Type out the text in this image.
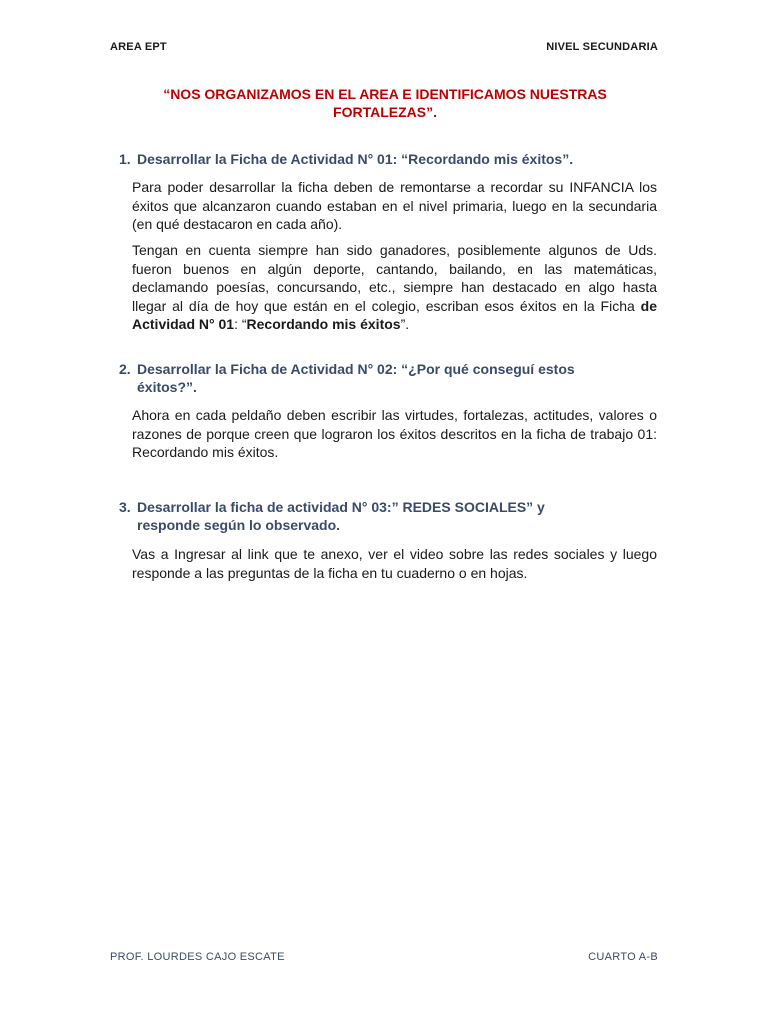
AREA EPT	NIVEL SECUNDARIA
“NOS ORGANIZAMOS EN EL AREA E IDENTIFICAMOS NUESTRAS FORTALEZAS”.
1. Desarrollar la Ficha de Actividad N° 01: “Recordando mis éxitos”.

Para poder desarrollar la ficha deben de remontarse a recordar su INFANCIA los éxitos que alcanzaron cuando estaban en el nivel primaria, luego en la secundaria (en qué destacaron en cada año).

Tengan en cuenta siempre han sido ganadores, posiblemente algunos de Uds. fueron buenos en algún deporte, cantando, bailando, en las matemáticas, declamando poesías, concursando, etc., siempre han destacado en algo hasta llegar al día de hoy que están en el colegio, escriban esos éxitos en la Ficha de Actividad N° 01: “Recordando mis éxitos”.

2. Desarrollar la Ficha de Actividad N° 02: “¿Por qué conseguí estos
éxitos?”.

Ahora en cada peldaño deben escribir las virtudes, fortalezas, actitudes, valores o razones de porque creen que lograron los éxitos descritos en la ficha de trabajo 01: Recordando mis éxitos.

3. Desarrollar la ficha de actividad N° 03:” REDES SOCIALES” y
responde según lo observado.

Vas a Ingresar al link que te anexo, ver el video sobre las redes sociales y luego responde a las preguntas de la ficha en tu cuaderno o en hojas.

PROF. LOURDES CAJO ESCATE	CUARTO A-B
